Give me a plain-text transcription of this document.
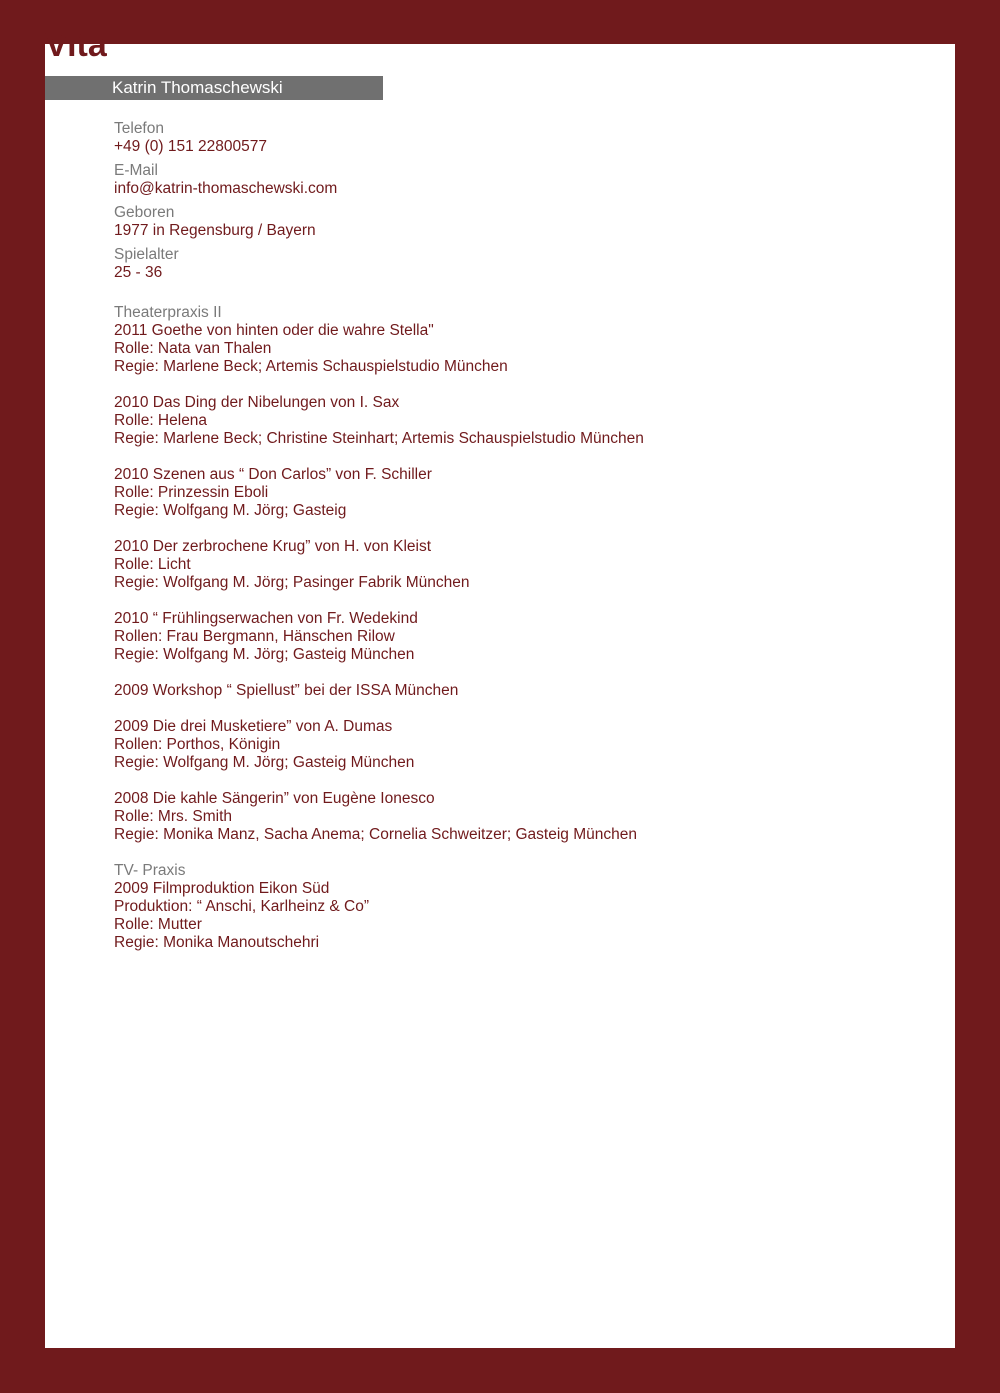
Vita
Katrin Thomaschewski
Telefon
+49 (0) 151 22800577
E-Mail
info@katrin-thomaschewski.com
Geboren
1977 in Regensburg / Bayern
Spielalter
25 - 36
Theaterpraxis II
2011 Goethe von hinten oder die wahre Stella"
Rolle: Nata van Thalen
Regie: Marlene Beck; Artemis Schauspielstudio München
2010 Das Ding der Nibelungen von I. Sax
Rolle: Helena
Regie: Marlene Beck; Christine Steinhart; Artemis Schauspielstudio München
2010 Szenen aus “ Don Carlos” von F. Schiller
Rolle: Prinzessin Eboli
Regie: Wolfgang M. Jörg; Gasteig
2010 Der zerbrochene Krug” von H. von Kleist
Rolle: Licht
Regie: Wolfgang M. Jörg; Pasinger Fabrik München
2010 “ Frühlingserwachen von Fr. Wedekind
Rollen: Frau Bergmann, Hänschen Rilow
Regie: Wolfgang M. Jörg; Gasteig München
2009 Workshop “ Spiellust” bei der ISSA München
2009 Die drei Musketiere” von A. Dumas
Rollen: Porthos, Königin
Regie: Wolfgang M. Jörg; Gasteig München
2008 Die kahle Sängerin” von Eugène Ionesco
Rolle: Mrs. Smith
Regie: Monika Manz, Sacha Anema; Cornelia Schweitzer; Gasteig München
TV- Praxis
2009 Filmproduktion Eikon Süd
Produktion: “ Anschi, Karlheinz & Co”
Rolle: Mutter
Regie: Monika Manoutschehri
